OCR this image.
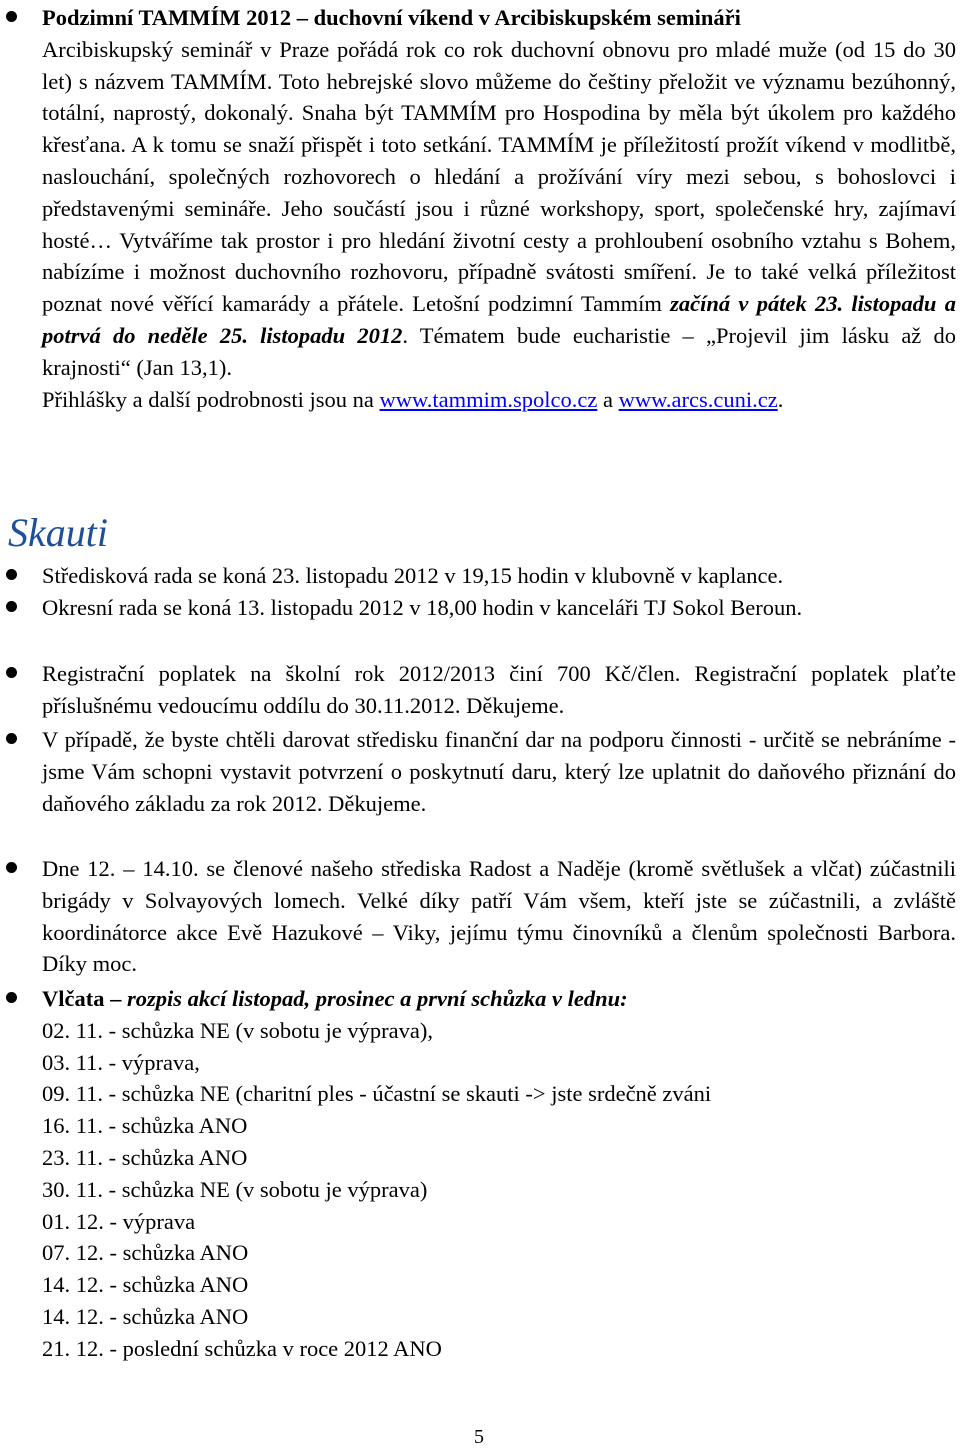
Podzimní TAMMÍM 2012 – duchovní víkend v Arcibiskupském semináři

Arcibiskupský seminář v Praze pořádá rok co rok duchovní obnovu pro mladé muže (od 15 do 30 let) s názvem TAMMÍM. Toto hebrejské slovo můžeme do češtiny přeložit ve významu bezúhonný, totální, naprostý, dokonalý. Snaha být TAMMÍM pro Hospodina by měla být úkolem pro každého křesťana. A k tomu se snaží přispět i toto setkání. TAMMÍM je příležitostí prožít víkend v modlitbě, naslouchání, společných rozhovorech o hledání a prožívání víry mezi sebou, s bohoslovci i představenými semináře. Jeho součástí jsou i různé workshopy, sport, společenské hry, zajímaví hosté… Vytváříme tak prostor i pro hledání životní cesty a prohloubení osobního vztahu s Bohem, nabízíme i možnost duchovního rozhovoru, případně svátosti smíření. Je to také velká příležitost poznat nové věřící kamarády a přátele. Letošní podzimní Tammím začíná v pátek 23. listopadu a potrvá do neděle 25. listopadu 2012. Tématem bude eucharistie – „Projevil jim lásku až do krajnosti“ (Jan 13,1).

Přihlášky a další podrobnosti jsou na www.tammim.spolco.cz a www.arcs.cuni.cz.

Skauti
Středisková rada se koná 23. listopadu 2012 v 19,15 hodin v klubovně v kaplance.
Okresní rada se koná 13. listopadu 2012 v 18,00 hodin v kanceláři TJ Sokol Beroun.
Registrační poplatek na školní rok 2012/2013 činí 700 Kč/člen. Registrační poplatek plaťte příslušnému vedoucímu oddílu do 30.11.2012. Děkujeme.
V případě, že byste chtěli darovat středisku finanční dar na podporu činnosti - určitě se nebráníme - jsme Vám schopni vystavit potvrzení o poskytnutí daru, který lze uplatnit do daňového přiznání do daňového základu za rok 2012. Děkujeme.
Dne 12. – 14.10. se členové našeho střediska Radost a Naděje (kromě světlušek a vlčat) zúčastnili brigády v Solvayových lomech. Velké díky patří Vám všem, kteří jste se zúčastnili, a zvláště koordinátorce akce Evě Hazukové – Viky, jejímu týmu činovníků a členům společnosti Barbora. Díky moc.

Vlčata – rozpis akcí listopad, prosinec a první schůzka v lednu:

02. 11. - schůzka NE (v sobotu je výprava),
03. 11. - výprava,
09. 11. - schůzka NE (charitní ples - účastní se skauti -> jste srdečně zváni
16. 11. - schůzka ANO
23. 11. - schůzka ANO
30. 11. - schůzka NE (v sobotu je výprava)
01. 12. - výprava
07. 12. - schůzka ANO
14. 12. - schůzka ANO
14. 12. - schůzka ANO
21. 12. - poslední schůzka v roce 2012 ANO
5
